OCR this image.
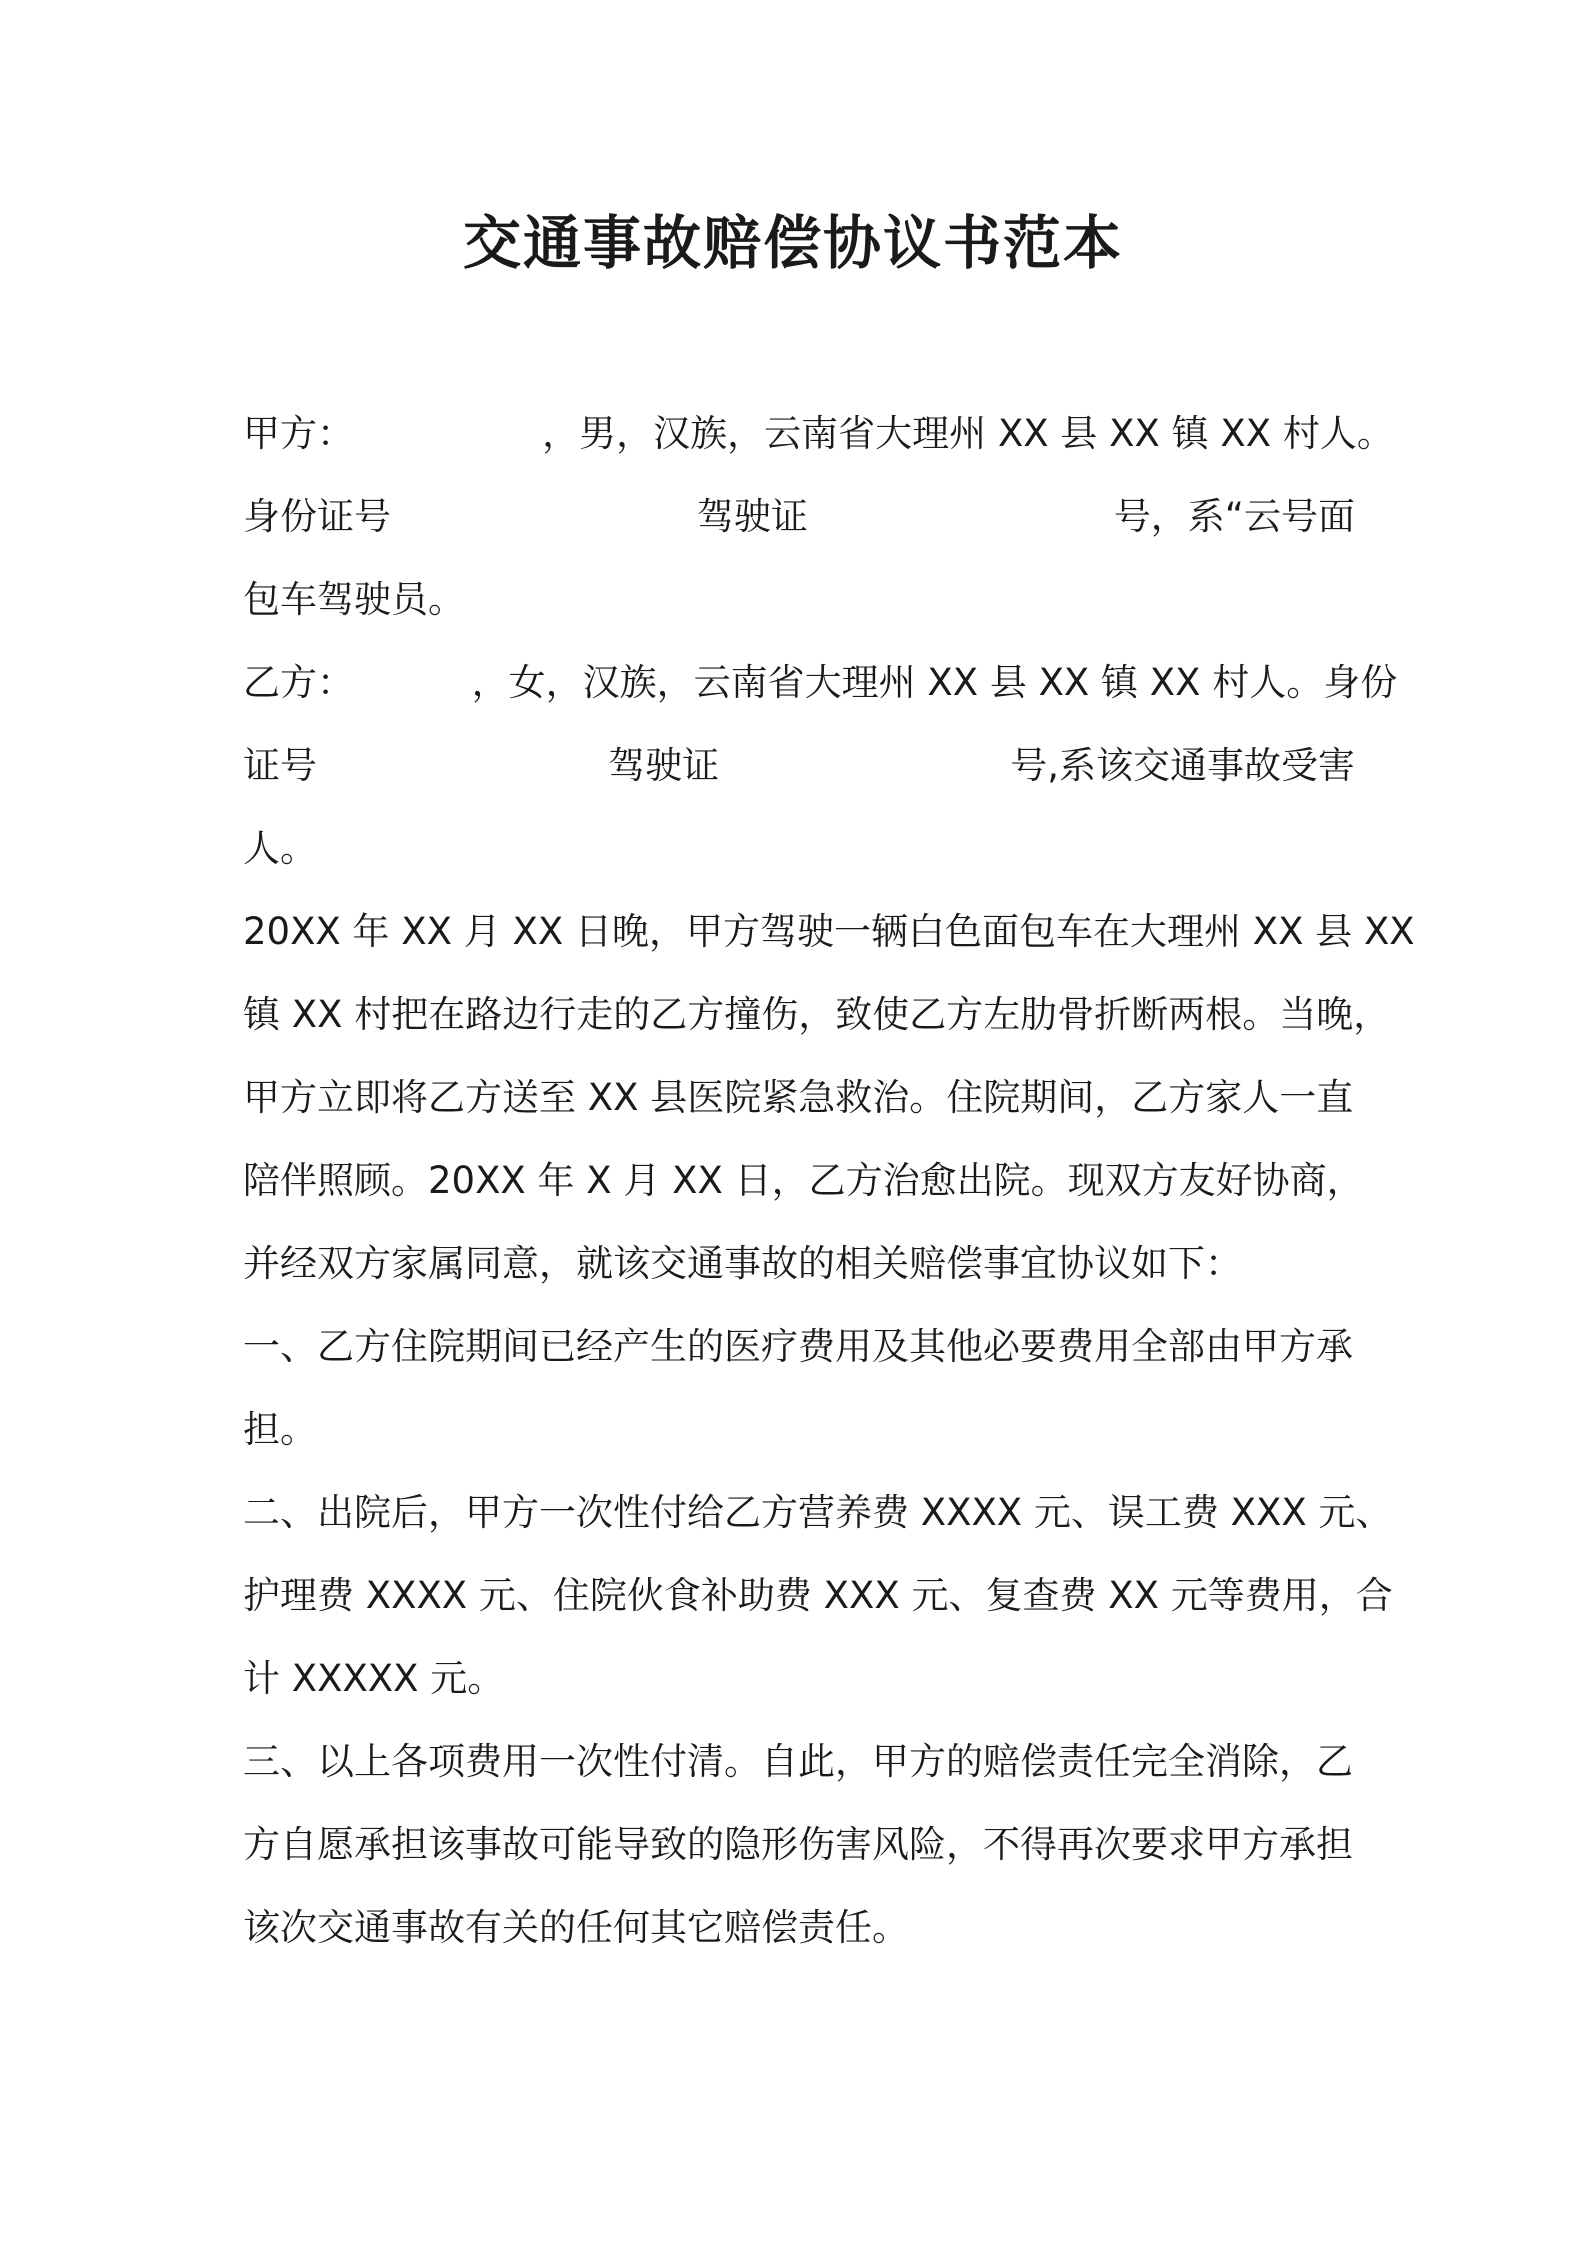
交通事故赔偿协议书范本
甲方：                ，男，汉族，云南省大理州 XX 县 XX 镇 XX 村人。
身份证号	驾驶证	号，系“云号面
包车驾驶员。
乙方：          ，女，汉族，云南省大理州 XX 县 XX 镇 XX 村人。身份
证号	驾驶证	号,系该交通事故受害
人。
20XX 年 XX 月 XX 日晚，甲方驾驶一辆白色面包车在大理州 XX 县 XX
镇 XX 村把在路边行走的乙方撞伤，致使乙方左肋骨折断两根。当晚，
甲方立即将乙方送至 XX 县医院紧急救治。住院期间，乙方家人一直
陪伴照顾。20XX 年 X 月 XX 日，乙方治愈出院。现双方友好协商，
并经双方家属同意，就该交通事故的相关赔偿事宜协议如下：
一、乙方住院期间已经产生的医疗费用及其他必要费用全部由甲方承
担。
二、出院后，甲方一次性付给乙方营养费 XXXX 元、误工费 XXX 元、
护理费 XXXX 元、住院伙食补助费 XXX 元、复查费 XX 元等费用，合
计 XXXXX 元。
三、以上各项费用一次性付清。自此，甲方的赔偿责任完全消除，乙
方自愿承担该事故可能导致的隐形伤害风险，不得再次要求甲方承担
该次交通事故有关的任何其它赔偿责任。
